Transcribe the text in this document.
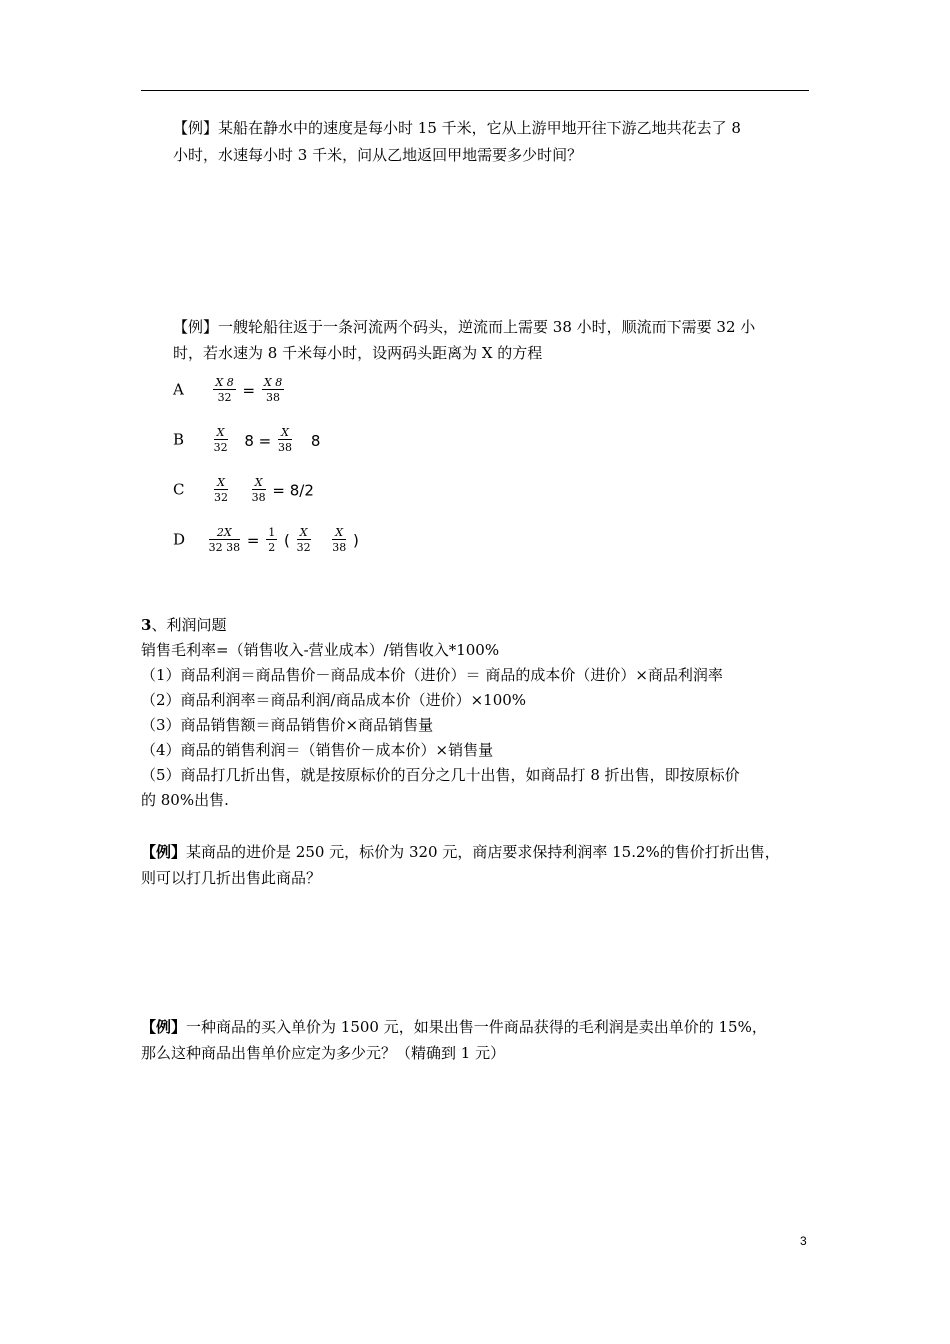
【例】某船在静水中的速度是每小时 15 千米，它从上游甲地开往下游乙地共花去了 8
小时，水速每小时 3 千米，问从乙地返回甲地需要多少时间？
【例】一艘轮船往返于一条河流两个码头，逆流而上需要 38 小时，顺流而下需要 32 小
时，若水速为 8 千米每小时，设两码头距离为 X 的方程
A	$\frac{X 8}{32} = \frac{X 8}{38}$
B	$\frac{X}{32} 8 = \frac{X}{38} 8$
C	$\frac{X}{32}$
$\frac{X}{38} = 8/2$
D $\frac{2X}{32 38} = \frac{1}{2}$ ( $\frac{X}{32}$
$\frac{X}{38}$ )
3、利润问题
销售毛利率=（销售收入-营业成本）/销售收入*100%
（1）商品利润＝商品售价－商品成本价（进价）＝ 商品的成本价（进价）×商品利润率
（2）商品利润率＝商品利润/商品成本价（进价）×100%
（3）商品销售额＝商品销售价×商品销售量
（4）商品的销售利润＝（销售价－成本价）×销售量
（5）商品打几折出售，就是按原标价的百分之几十出售，如商品打 8 折出售，即按原标价
的 80%出售.
【例】某商品的进价是 250 元，标价为 320 元，商店要求保持利润率 15.2%的售价打折出售，
则可以打几折出售此商品？
【例】一种商品的买入单价为 1500 元，如果出售一件商品获得的毛利润是卖出单价的 15%，
那么这种商品出售单价应定为多少元？（精确到 1 元）
3
